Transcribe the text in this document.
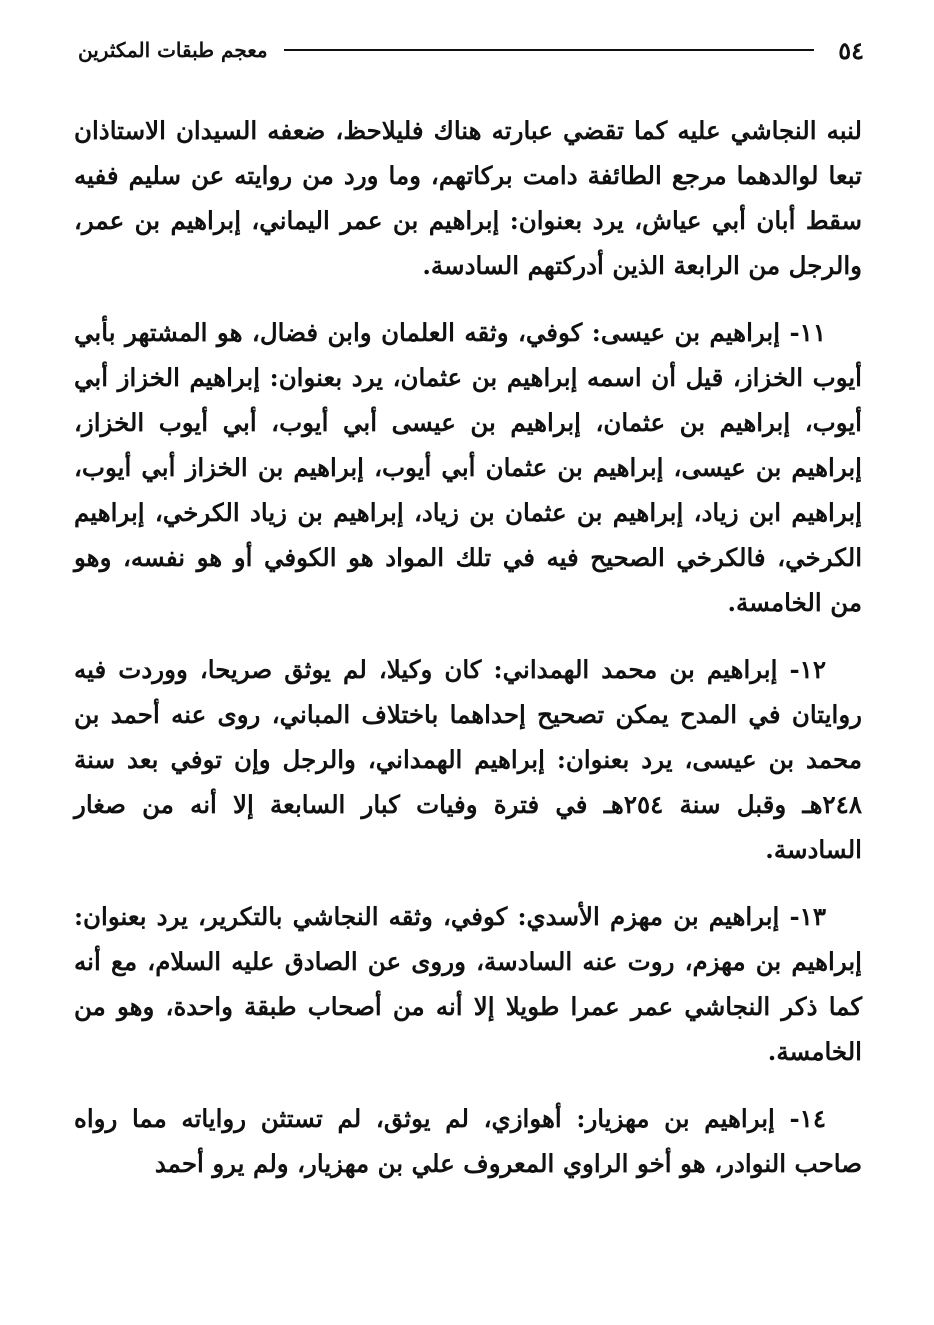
٥٤
معجم طبقات المكثرين

لنبه النجاشي عليه كما تقضي عبارته هناك فليلاحظ، ضعفه السيدان الاستاذان تبعا لوالدهما مرجع الطائفة دامت بركاتهم، وما ورد من روايته عن سليم ففيه سقط أبان أبي عياش، يرد بعنوان: إبراهيم بن عمر اليماني، إبراهيم بن عمر، والرجل من الرابعة الذين أدركتهم السادسة.

١١- إبراهيم بن عيسى: كوفي، وثقه العلمان وابن فضال، هو المشتهر بأبي أيوب الخزاز، قيل أن اسمه إبراهيم بن عثمان، يرد بعنوان: إبراهيم الخزاز أبي أيوب، إبراهيم بن عثمان، إبراهيم بن عيسى أبي أيوب، أبي أيوب الخزاز، إبراهيم بن عيسى، إبراهيم بن عثمان أبي أيوب، إبراهيم بن الخزاز أبي أيوب، إبراهيم ابن زياد، إبراهيم بن عثمان بن زياد، إبراهيم بن زياد الكرخي، إبراهيم الكرخي، فالكرخي الصحيح فيه في تلك المواد هو الكوفي أو هو نفسه، وهو من الخامسة.

١٢- إبراهيم بن محمد الهمداني: كان وكيلا، لم يوثق صريحا، ووردت فيه روايتان في المدح يمكن تصحيح إحداهما باختلاف المباني، روى عنه أحمد بن محمد بن عيسى، يرد بعنوان: إبراهيم الهمداني، والرجل وإن توفي بعد سنة ٢٤٨هـ وقبل سنة ٢٥٤هـ في فترة وفيات كبار السابعة إلا أنه من صغار السادسة.

١٣- إبراهيم بن مهزم الأسدي: كوفي، وثقه النجاشي بالتكرير، يرد بعنوان: إبراهيم بن مهزم، روت عنه السادسة، وروى عن الصادق عليه السلام، مع أنه كما ذكر النجاشي عمر عمرا طويلا إلا أنه من أصحاب طبقة واحدة، وهو من الخامسة.

١٤- إبراهيم بن مهزيار: أهوازي، لم يوثق، لم تستثن رواياته مما رواه صاحب النوادر، هو أخو الراوي المعروف علي بن مهزيار، ولم يرو أحمد
